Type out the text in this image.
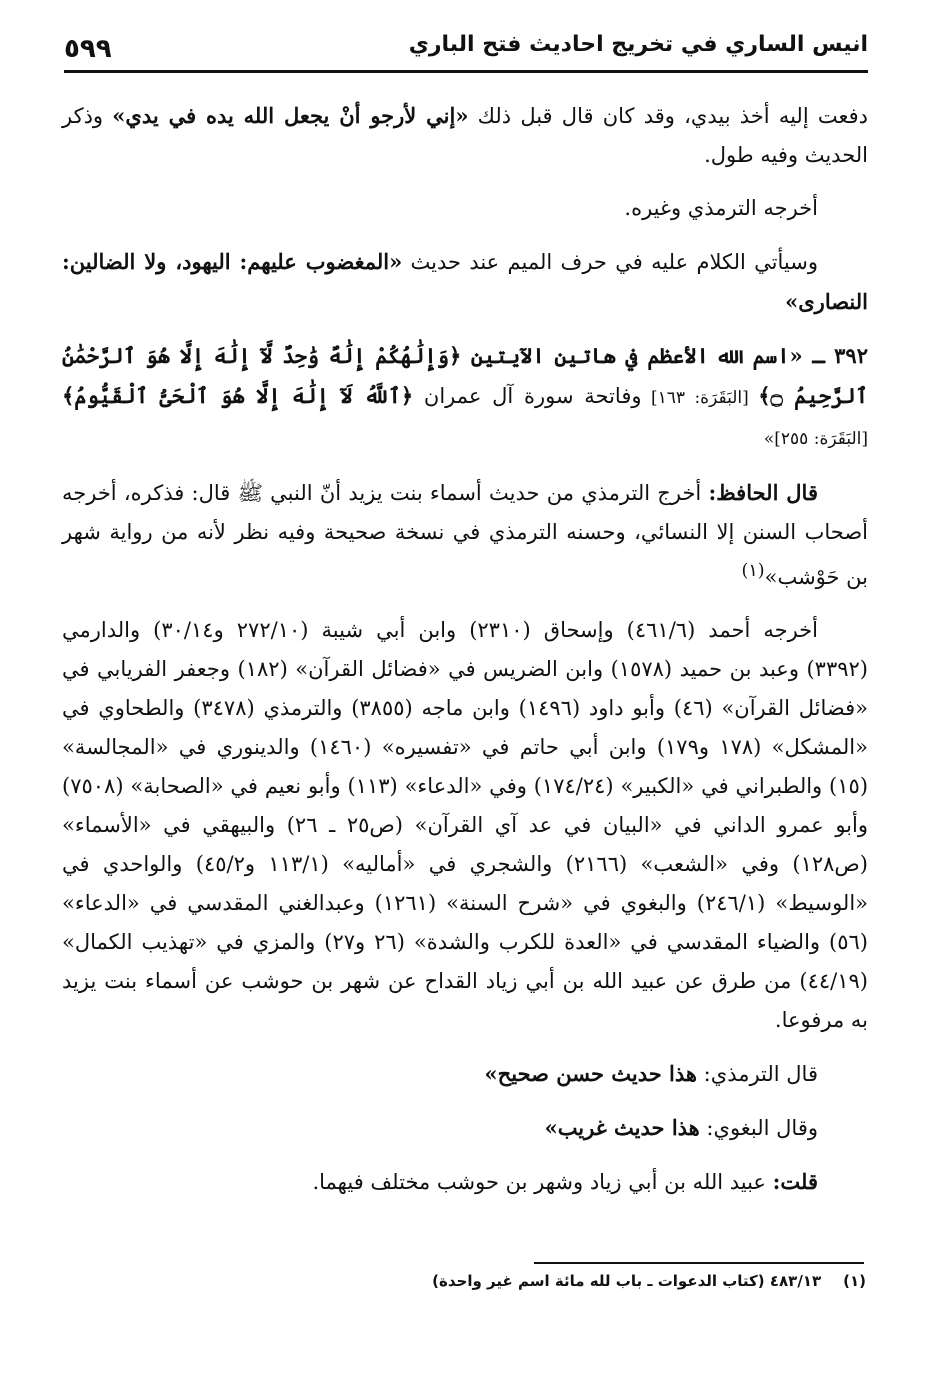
٥٩٩	انيس الساري في تخريج احاديث فتح الباري

دفعت إليه أخذ بيدي، وقد كان قال قبل ذلك «إني لأرجو أنْ يجعل الله يده في يدي» وذكر الحديث وفيه طول.

أخرجه الترمذي وغيره.

وسيأتي الكلام عليه في حرف الميم عند حديث «المغضوب عليهم: اليهود، ولا الضالين: النصارى»

٣٩٢ ـ «اسم الله الأعظم في هاتين الآيتين ﴿وَإِلَٰهُكُمْ إِلَٰهٌ وَٰحِدٌ لَّآ إِلَٰهَ إِلَّا هُوَ ٱلرَّحْمَٰنُ ٱلرَّحِيمُ ۝﴾ [البَقَرَة: ١٦٣] وفاتحة سورة آل عمران ﴿ٱللَّهُ لَآ إِلَٰهَ إِلَّا هُوَ ٱلْحَىُّ ٱلْقَيُّومُ﴾ [البَقَرَة: ٢٥٥]»

قال الحافظ: أخرج الترمذي من حديث أسماء بنت يزيد أنّ النبي ﷺ قال: فذكره، أخرجه أصحاب السنن إلا النسائي، وحسنه الترمذي في نسخة صحيحة وفيه نظر لأنه من رواية شهر بن حَوْشب»$^{(١)}$

أخرجه أحمد (٤٦١/٦) وإسحاق (٢٣١٠) وابن أبي شيبة (٢٧٢/١٠ و٣٠/١٤) والدارمي (٣٣٩٢) وعبد بن حميد (١٥٧٨) وابن الضريس في «فضائل القرآن» (١٨٢) وجعفر الفريابي في «فضائل القرآن» (٤٦) وأبو داود (١٤٩٦) وابن ماجه (٣٨٥٥) والترمذي (٣٤٧٨) والطحاوي في «المشكل» (١٧٨ و١٧٩) وابن أبي حاتم في «تفسيره» (١٤٦٠) والدينوري في «المجالسة» (١٥) والطبراني في «الكبير» (١٧٤/٢٤) وفي «الدعاء» (١١٣) وأبو نعيم في «الصحابة» (٧٥٠٨) وأبو عمرو الداني في «البيان في عد آي القرآن» (ص٢٥ ـ ٢٦) والبيهقي في «الأسماء» (ص١٢٨) وفي «الشعب» (٢١٦٦) والشجري في «أماليه» (١١٣/١ و٤٥/٢) والواحدي في «الوسيط» (٢٤٦/١) والبغوي في «شرح السنة» (١٢٦١) وعبدالغني المقدسي في «الدعاء» (٥٦) والضياء المقدسي في «العدة للكرب والشدة» (٢٦ و٢٧) والمزي في «تهذيب الكمال» (٤٤/١٩) من طرق عن عبيد الله بن أبي زياد القداح عن شهر بن حوشب عن أسماء بنت يزيد به مرفوعا.

قال الترمذي: هذا حديث حسن صحيح»

وقال البغوي: هذا حديث غريب»

قلت: عبيد الله بن أبي زياد وشهر بن حوشب مختلف فيهما.

(١)٤٨٣/١٣ (كتاب الدعوات ـ باب لله مائة اسم غير واحدة)
